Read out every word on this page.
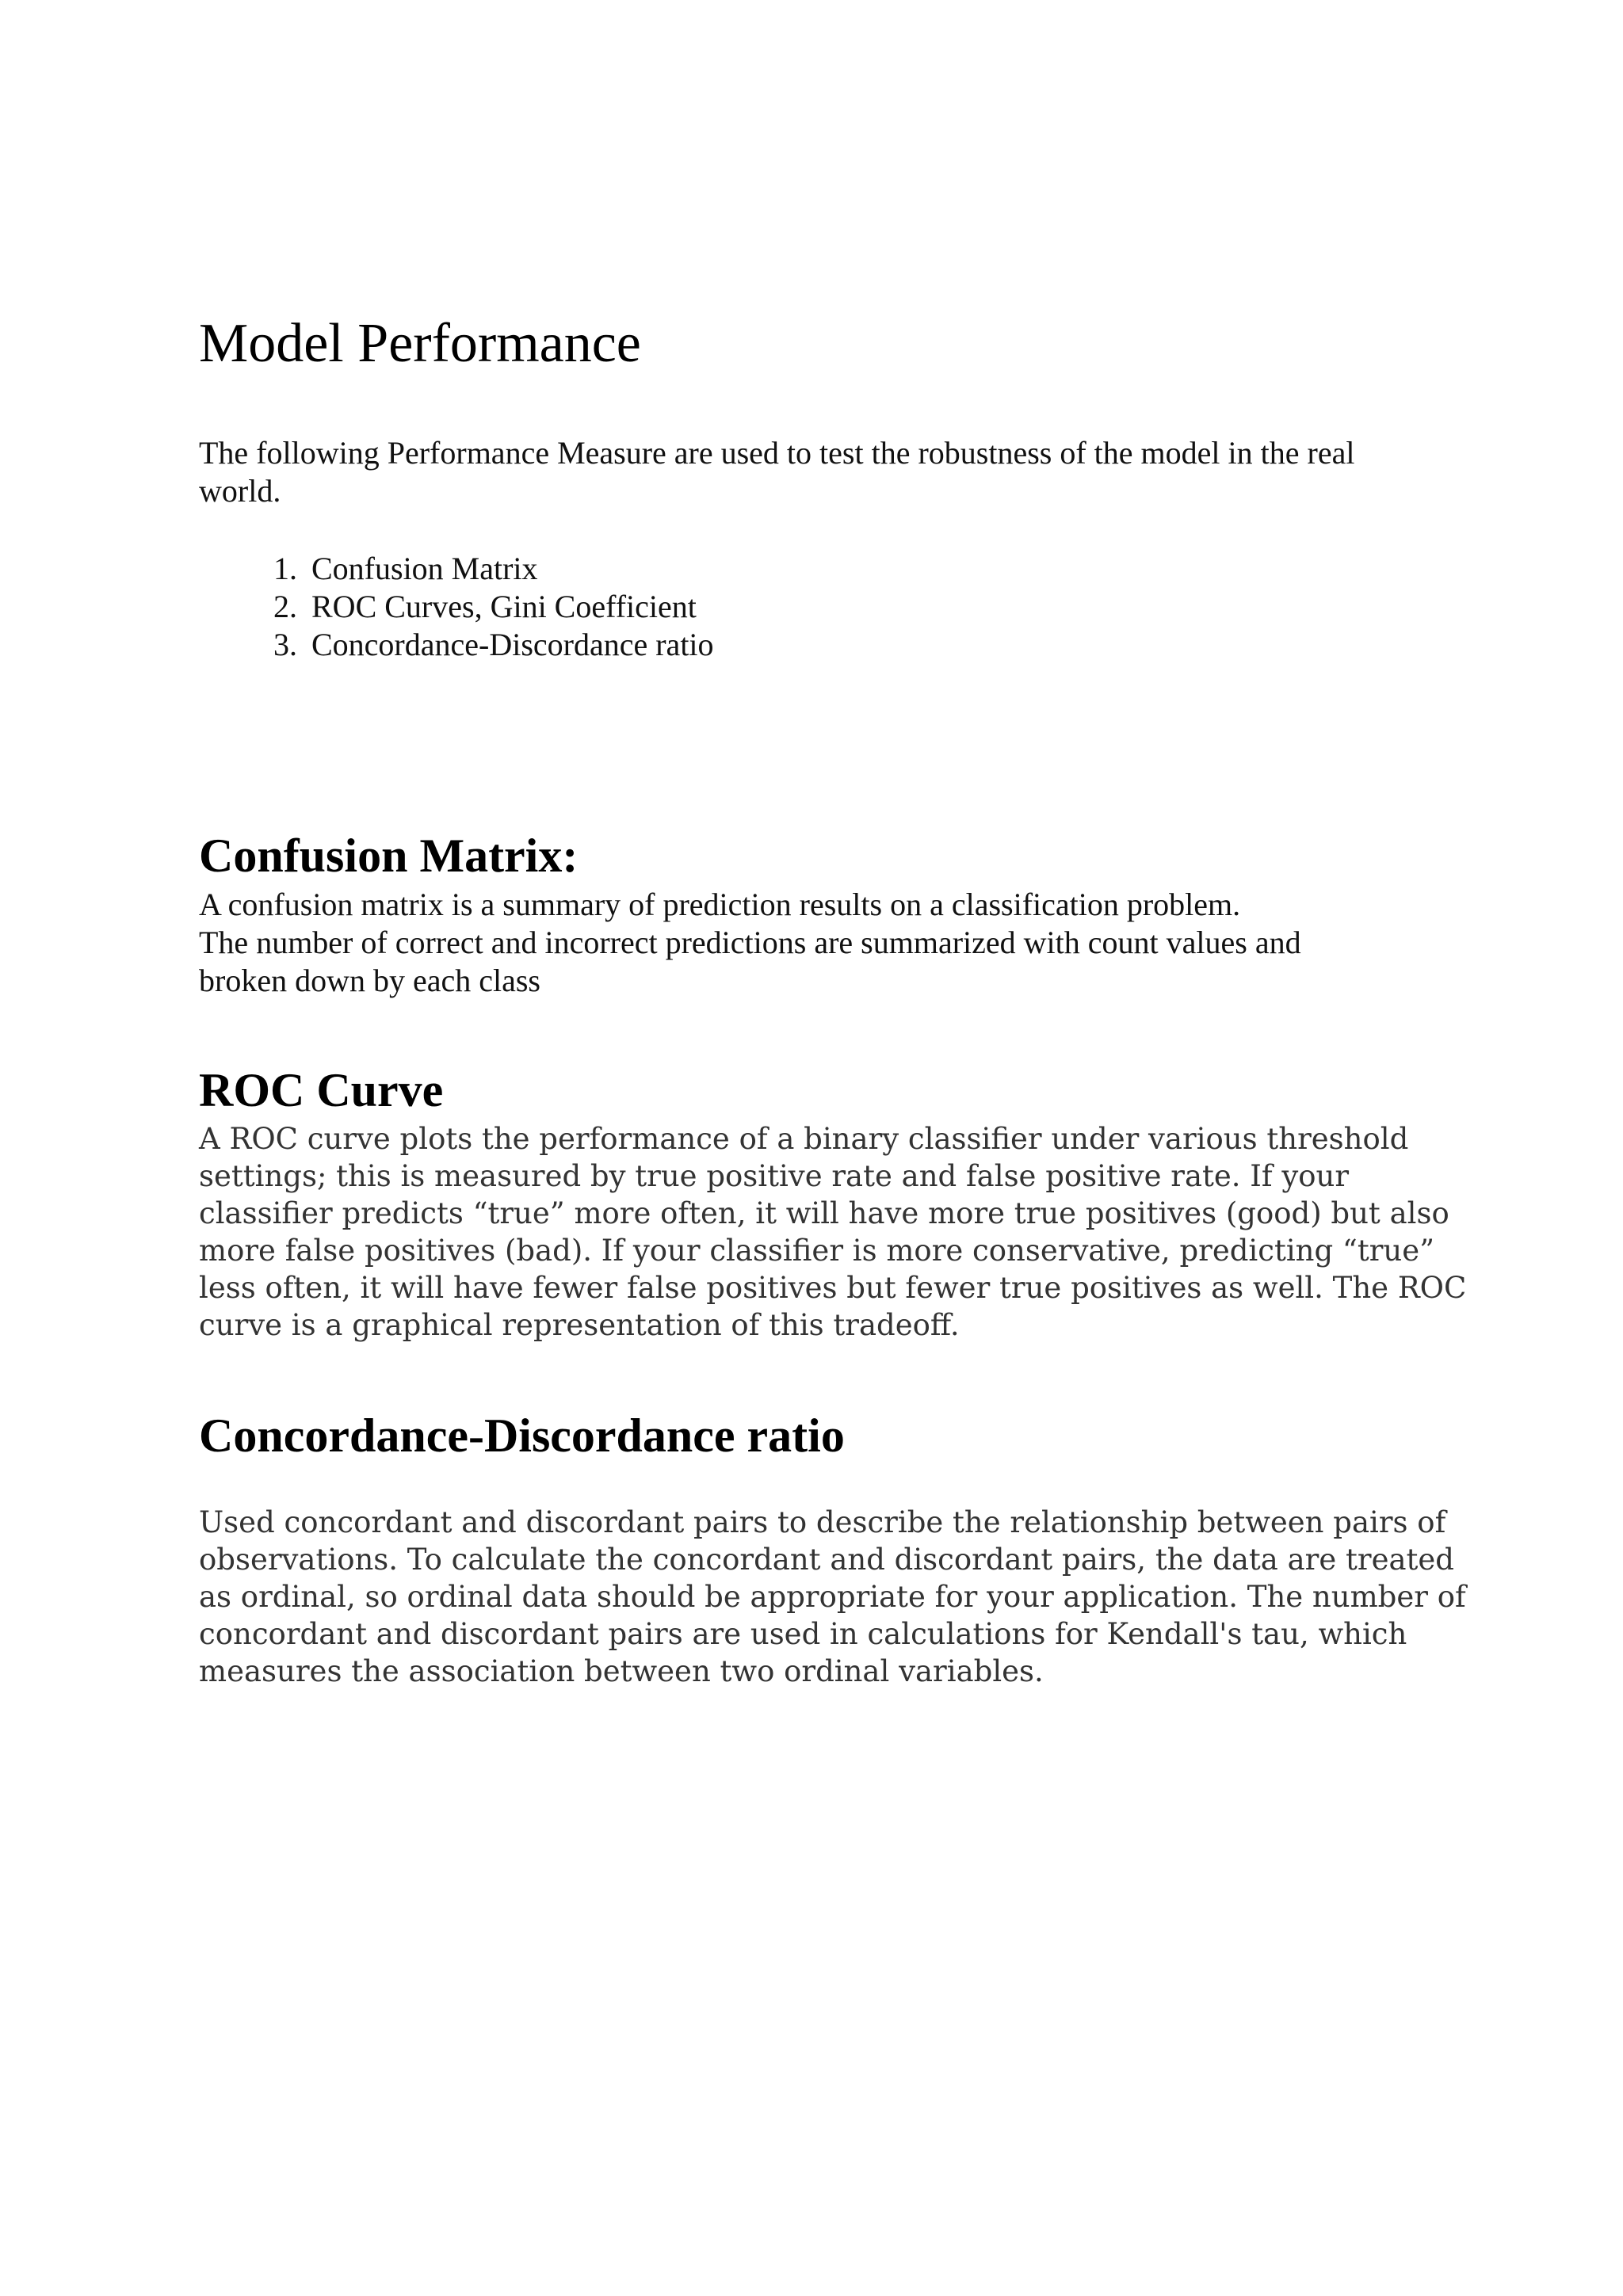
Model Performance

The following Performance Measure are used to test the robustness of the model in the real
world.

1. Confusion Matrix
2. ROC Curves, Gini Coefficient
3. Concordance-Discordance ratio
Confusion Matrix:

A confusion matrix is a summary of prediction results on a classification problem.
The number of correct and incorrect predictions are summarized with count values and
broken down by each class

ROC Curve

A ROC curve plots the performance of a binary classifier under various threshold
settings; this is measured by true positive rate and false positive rate. If your
classifier predicts “true” more often, it will have more true positives (good) but also
more false positives (bad). If your classifier is more conservative, predicting “true”
less often, it will have fewer false positives but fewer true positives as well. The ROC
curve is a graphical representation of this tradeoff.

Concordance-Discordance ratio

Used concordant and discordant pairs to describe the relationship between pairs of
observations. To calculate the concordant and discordant pairs, the data are treated
as ordinal, so ordinal data should be appropriate for your application. The number of
concordant and discordant pairs are used in calculations for Kendall's tau, which
measures the association between two ordinal variables.
